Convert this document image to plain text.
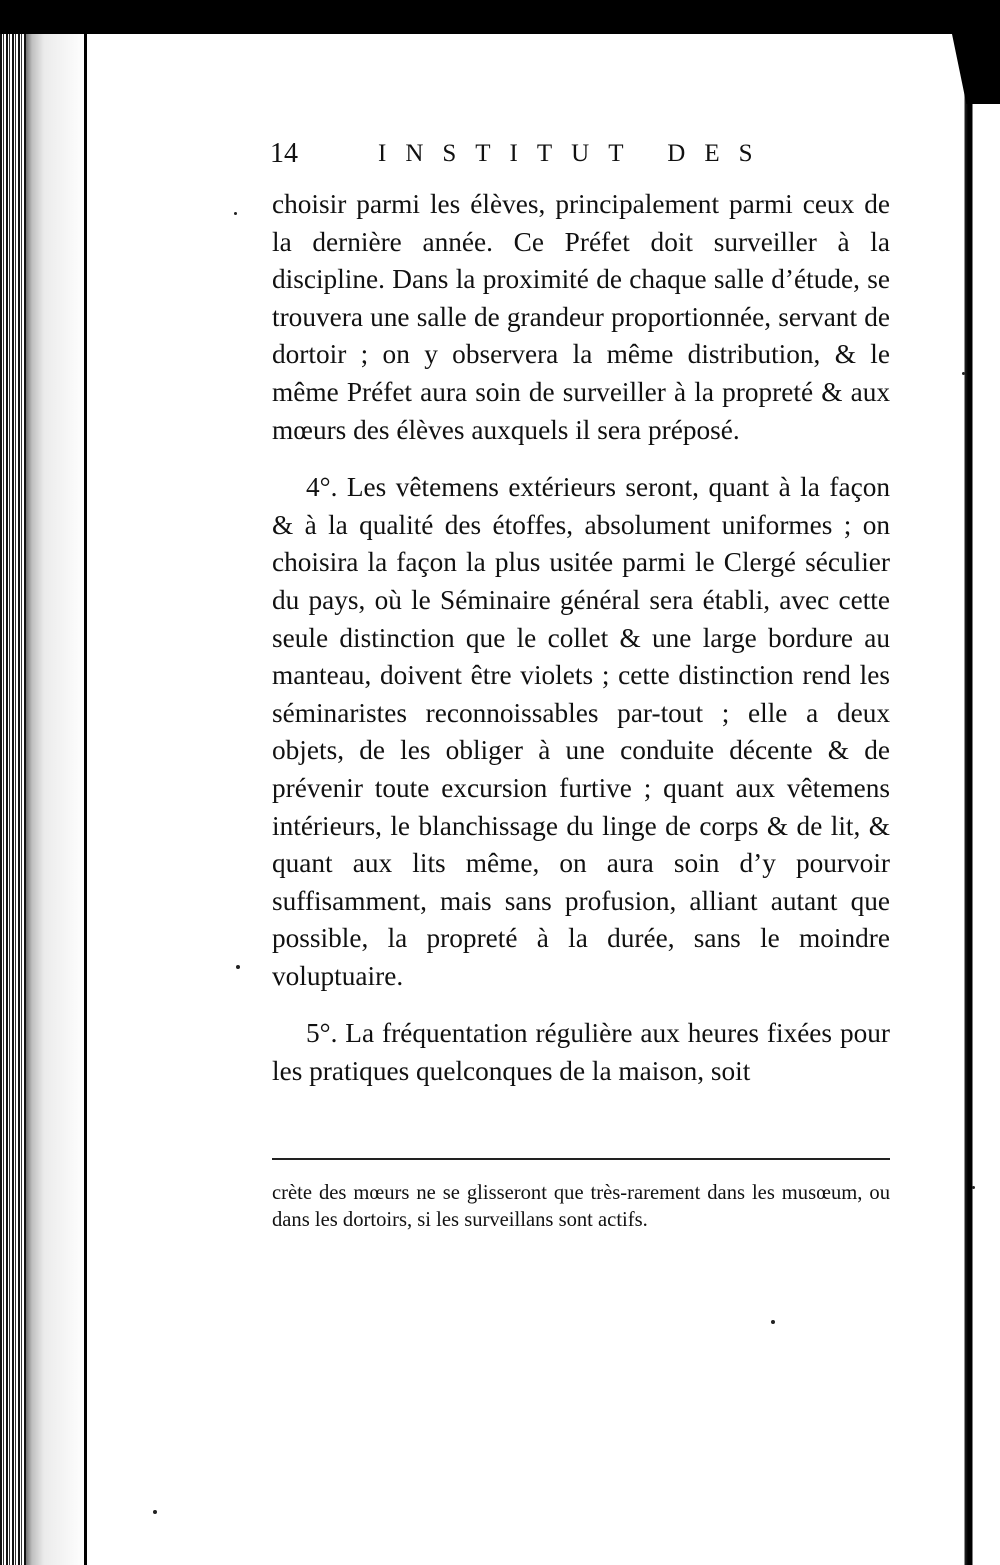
14	INSTITUT DES

choisir parmi les élèves, principalement parmi ceux de la dernière année. Ce Préfet doit surveiller à la discipline. Dans la proximité de chaque salle d’étude, se trouvera une salle de grandeur proportionnée, servant de dortoir ; on y observera la même distribution, & le même Préfet aura soin de surveiller à la propreté & aux mœurs des élèves auxquels il sera préposé.

4°. Les vêtemens extérieurs seront, quant à la façon & à la qualité des étoffes, absolument uniformes ; on choisira la façon la plus usitée parmi le Clergé séculier du pays, où le Séminaire général sera établi, avec cette seule distinction que le collet & une large bordure au manteau, doivent être violets ; cette distinction rend les séminaristes reconnoissables par-tout ; elle a deux objets, de les obliger à une conduite décente & de prévenir toute excursion furtive ; quant aux vêtemens intérieurs, le blanchissage du linge de corps & de lit, & quant aux lits même, on aura soin d’y pourvoir suffisamment, mais sans profusion, alliant autant que possible, la propreté à la durée, sans le moindre voluptuaire.

5°. La fréquentation régulière aux heures fixées pour les pratiques quelconques de la maison, soit

crète des mœurs ne se glisseront que très-rarement dans les musœum, ou dans les dortoirs, si les surveillans sont actifs.
